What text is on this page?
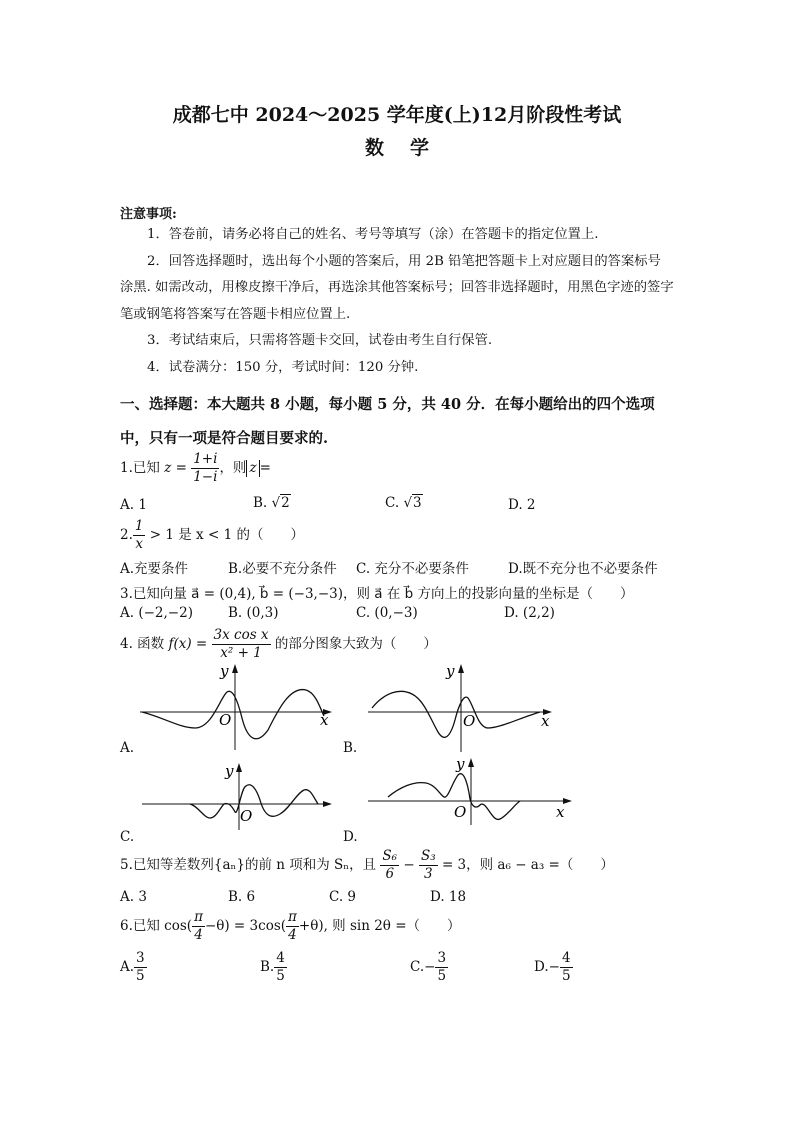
成都七中 2024～2025 学年度(上)12月阶段性考试
数学
注意事项:

1．答卷前，请务必将自己的姓名、考号等填写（涂）在答题卡的指定位置上.

2．回答选择题时，选出每个小题的答案后，用 2B 铅笔把答题卡上对应题目的答案标号涂黑. 如需改动，用橡皮擦干净后，再选涂其他答案标号；回答非选择题时，用黑色字迹的签字笔或钢笔将答案写在答题卡相应位置上.

3．考试结束后，只需将答题卡交回，试卷由考生自行保管.

4．试卷满分：150 分，考试时间：120 分钟.

一、选择题：本大题共 8 小题，每小题 5 分，共 40 分．在每小题给出的四个选项中，只有一项是符合题目要求的.
1.已知 $z = \frac{1+i}{1-i}$ ，则 z =
A. 1	B. √2	C. √3	D. 2
2. $\frac{1}{x} > 1$ 是 x < 1 的（　　）
A.充要条件	B.必要不充分条件 C. 充分不必要条件	D.既不充分也不必要条件
3.已知向量 a⃗ = (0,4), b⃗ = (−3,−3)，则 a⃗ 在 b⃗ 方向上的投影向量的坐标是（　　）
A. (−2,−2)	B. (0,3)	C. (0,−3)	D. (2,2)
4. 函数 $f(x) = \frac{\text{3x cos x}}{\text{x² + 1}}$ 的部分图象大致为（　　）
O	x
y
A.
O	x
y
B.
O
y
C.
O	x
y
D.
5.已知等差数列{aₙ}的前 n 项和为 Sₙ，且 $\frac{\text{S₆}}{6} - \frac{\text{S₃}}{3} = 3$，则 a₆ − a₃ =（　　）
A. 3	B. 6	C. 9	D. 18
6.已知 $\cos( \frac{\pi}{4} -\theta) = 3\cos( \frac{\pi}{4} +\theta)$, 则 sin 2θ =（　　）
A. $\frac{3}{5}$	B. $\frac{4}{5}$	$C.- \frac{3}{5}$	$D.- \frac{4}{5}$
